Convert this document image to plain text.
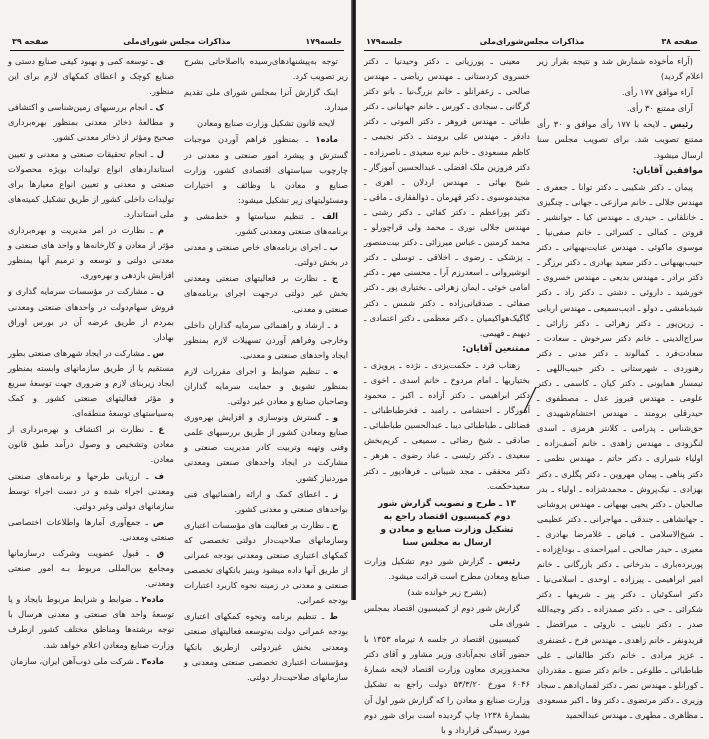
جلسه۱۷۹
مذاکرات مجلس شورای‌ملی
صفحه ۳۹

توجه به‌پیشنهادهای‌رسیده با‌اصلاحاتی ‌بشرح زیر تصویب کرد.

اینک گزارش آنرا بمجلس شورای ملی تقدیم میدارد.

لایحه قانون تشکیل وزارت صنایع ومعادن

ماده۱ ـ بمنظور فراهم آوردن موجبات گسترش و پیشرد امور صنعتی و معدنی در چارچوب سیاستهای اقتصادی کشور، وزارت صنایع و معادن با وظائف و اختیارات ومسئولیتهای زیر تشکیل میشود:

الف ـ تنظیم سیاستها و خط‌مشی و برنامه‌های صنعتی ومعدنی کشور.

ب ـ اجرای برنامه‌های خاص صنعتی و معدنی در بخش دولتی.

ج ـ نظارت بر فعالیتهای صنعتی ومعدنی بخش غیر دولتی درجهت اجرای برنامه‌های صنعتی و معدنی.

د ـ ارشاد و راهنمائی سرمایه گذاران داخلی وخارجی وفراهم آوردن تسهیلات لازم بمنظور ایجاد واحدهای صنعتی و معدنی.

ه ـ تنظیم ضوابط و اجرای مقررات لازم بمنظور تشویق و حمایت سرمایه گذاران وصاحبان صنایع و معادن غیر دولتی.

و ـ گسترش ونوسازی و افزایش بهره‌وری صنایع ومعادن کشور از طریق بررسیهای علمی وفنی وتهیه وتربیت کادر مدیریت صنعتی و مشارکت در ایجاد واحدهای صنعتی ومعدنی موردنیاز کشور.

ز ـ اعطای کمک و ارائه راهنمائیهای فنی بواحدهای صنعتی و معدنی کشور.

ح ـ نظارت بر فعالیت های مؤسسات اعتباری وسازمانهای صلاحیت‌دار دولتی تخصصی که کمکهای اعتباری صنعتی ومعدنی بودجه عمرانی از طریق آنها داده میشود وبنیز بانکهای تخصصی صنعتی و معدنی در زمینه نحوه کاربرد اعتبارات بودجه عمرانی.

ط ـ تنظیم برنامه ونحوه کمکهای اعتباری بودجه عمرانی دولت به‌توسعه فعالیتهای صنعتی ومعدنی بخش غیردولتی ازطریق بانکها ومؤسسات اعتباری تخصصی صنعتی ومعدنی و سازمانهای صلاحیت‌دار دولتی.

ی ـ توسعه کمی و بهبود کیفی صنایع دستی و صنایع کوچک و اعطای کمکهای لازم برای این منظور.

ک ـ انجام بررسیهای زمین‌شناسی و اکتشافی و مطالعهٔ ذخائر معدنی بمنظور بهره‌برداری صحیح ومؤثر از ذخائر معدنی کشور.

ل ـ انجام تحقیقات صنعتی و معدنی و تعیین استانداردهای انواع تولیدات بویژه محصولات صنعتی و معدنی و تعیین انواع معیارها برای تولیدات داخلی کشور از طریق تشکیل کمیته‌های ملی استاندارد.

م ـ نظارت در امر مدیریت و بهره‌برداری مؤثر از معادن و کارخانه‌ها و واحد های صنعتی و معدنی دولتی و توسعه و ترمیم آنها بمنظور افزایش بازدهی و بهره‌وری.

ن ـ مشارکت در مؤسسات سرمایه گذاری و فروش سهام‌دولت در واحدهای صنعتی ومعدنی بمردم از طریق عرضه آن در بورس اوراق بهادار.

س ـ مشارکت در ایجاد شهرهای صنعتی بطور مستقیم یا از طریق سازمانهای وابسته بمنظور ایجاد زیربنای لازم و ضروری جهت توسعهٔ سریع و مؤثر فعالیتهای صنعتی کشور و کمک به‌سیاستهای توسعهٔ منطقه‌ای.

ع ـ نظارت بر اکتشاف و بهره‌برداری از معادن وتشخیص و وصول درآمد طبق قانون معادن.

ف ـ ارزیابی طرحها و برنامه‌های صنعتی ومعدنی اجراء شده و در دست اجراء توسط سازمانهای دولتی وغیر دولتی.

ص ـ جمع‌آوری آمارها واطلاعات اختصاصی صنعتی ومعدنی.

ق ـ قبول عضویت وشرکت درسازمانها ومجامع بین‌المللی مربوط بـه امور صنعتی ومعدنی.

ماده۲ ـ ضوابط و شرایط مربوط بایجاد و یا توسعهٔ واحد های صنعتی و معدنی هرسال با توجه برشته‌ها ومناطق مختلف کشور ازطرف وزارت صنایع ومعادن اعلام خواهد شد.

ماده۳ ـ شرکت ملی ذوب‌آهن ایران، سازمان

صفحه ۳۸
مذاکرات مجلس‌شورای‌ملی
جلسه۱۷۹

(آراء مأخوذه شمارش شد و نتیجه بقرار زیر اعلام گردید)

آراء موافق ۱۷۷ رأی.

آرای ممتنع ۳۰ رأی.

رئیس ـ لایحه با ۱۷۷ رأی موافق و ۳۰ رأی ممتنع تصویب شد. برای تصویب مجلس سنا ارسال میشود.

موافقین آقایان:

پیمان ـ دکتر شکیبی ـ دکتر توانا ـ جعفری ـ مهندس جلالی ـ خانم مرازعی ـ جهانی ـ چنگیزی ـ خانلقانی ـ حیدری ـ مهندس کیا ـ جوانشیر ـ فروتن ـ کمالی ـ کسرائی ـ خانم صفی‌نیا ـ موسوی ماکوئی ـ مهندس عنایت‌بهبهانی ـ دکتر حبیب‌بهبهانی ـ دکتر سعید بهادری ـ دکتر برزگر ـ دکتر برادر ـ مهندس بدیعی ـ مهندس خسروی ـ خورشید ـ داروئی ـ دشتی ـ دکتر راد ـ دکتر شیدبامشی ـ دولو ـ ادیب‌سمیعی ـ مهندس اربابی ـ زرین‌پور ـ دکتر زهرائی ـ دکتر زازائی ـ سراج‌الدینی ـ خانم دکتر سرخوش ـ سعادت ـ سعادت‌فرد ـ کمالوند ـ دکتر مدنی ـ دکتر رهنوردی ـ شهرستانی ـ دکتر حبیب‌اللهی ـ تیمسار همایونی ـ دکتر کیان ـ کاسمی ـ دکتر علومی ـ مهندس فیروز عدل ـ مصطفوی ـ حیدرقلی برومند ـ مهندس احتشام‌شهیدی ـ حق‌شناس ـ پدرامی ـ کلانتر هرمزی ـ اسدی لنگرودی ـ مهندس زاهدی ـ خانم آصف‌زاده ـ اولیاء شیرازی ـ دکتر حاتم ـ مهندس نظمی ـ دکتر پناهی ـ پیمان مهروین ـ دکتر پگلری ـ دکتر بهزادی ـ نیک‌پروش ـ محمدشزاده ـ اولیاء ـ بدر صالحیان ـ دکتر یحیی بهبهانی ـ مهندس پروشانی ـ جهانشاهی ـ جندقی ـ مهاجرانی ـ دکتر عظیمی ـ شیخ‌الاسلامی ـ فیاض ـ غلامرضا بهادری ـ معیری ـ حیدر صالحی ـ امیراحمدی ـ بوداغ‌زاده ـ پوربرده‌باری ـ بدرخانی ـ دکتر بازرگانی ـ خانم امیر ابراهیمی ـ پیرزاده ـ اوحدی ـ اسلامی‌نیا ـ دکتر اسکوئیان ـ دکتر پیر ـ شریفها ـ دکتر شکرائی ـ حی ـ دکتر صمدزاده ـ دکتر وجیه‌الله صدر ـ دکتر نابینی ـ ناروئی ـ میرافضل ـ فریدونفر ـ خانم زاهدی ـ مهندس فرخ ـ غضنفری ـ عزیز مرادی ـ خانم دکتر طالقانی ـ علی طباطبائی ـ طلوعی ـ خانم دکتر صنیع ـ مقدرذان ـ کورانلو ـ مهندس نصر ـ دکتر لقمان‌ادهم ـ سجاد وزیری ـ دکتر مرتضوی ـ دکتر وفا ـ اکبر مسعودی ـ مظاهری ـ مطهری ـ مهندس عبدالحمید

معینی ـ پورزیانی ـ دکتر وحیدنیا ـ دکتر خسروی کردستانی ـ مهندس ریاضی ـ مهندس صالحی ـ زعفرانلو ـ خانم بزرگ‌نیا ـ بانو دکتر گرگانی ـ سجادی ـ کورس ـ خانم جهانبانی ـ دکتر طبائی ـ مهندس فروهر ـ دکتر الموتی ـ دکتر دادفر ـ مهندس علی برومند ـ دکتر نجیمی ـ کاظم مسعودی ـ خانم نیره سعیدی ـ ناصرزاده ـ دکتر فروزین ملک افضلی ـ عبدالحسین آموزگار ـ شیخ بهائی ـ مهندس اردلان ـ اهری ـ مجیدموسوی ـ دکتر قهرمان ـ ذوالفقاری ـ ماقی ـ دکتر پوراعظم ـ دکتر کفائی ـ دکتر رشتی ـ مهندس جلالی نوری ـ محمد ولی قراچورلو ـ محمد کرمنین ـ عباس میرزائی ـ دکتر بیت‌منصور ـ پزشکی ـ رضوی ـ اخلاقی ـ توسلی ـ دکتر انوشیروانی ـ اسعدرزم آرا ـ محسنی مهر ـ دکتر امامی خوئی ـ ایمان زهرائی ـ بختیاری پور ـ دکتر صفائی ـ صدقیانی‌زاده ـ دکتر شمس ـ دکتر گاگیک‌هواکیمیان ـ دکتر معظمی ـ دکتر اعتمادی ـ دیهیم ـ فهیمی.

ممتنعین آقایان:

زهتاب فرد ـ حکمت‌یزدی ـ نژده ـ پرویزی ـ بختیاریها ـ امام مردوخ ـ خانم اسدی ـ اخوی ـ دکتر ابراهیمی ـ دکتر آزاده ـ اکبر ـ محمود آموزگار ـ احتشامی ـ رامبد ـ فخرطباطبائی ـ فضائلی ـ طباطبائی دیبا ـ عبدالحسین طباطبائی ـ صادقی ـ شیخ رضائی ـ سمیعی ـ کریم‌بخش سعیدی ـ دکتر رئیسی ـ عباد رضوی ـ هرهر ـ دکتر محققی ـ مجد شیبانی ـ فرهادپور ـ دکتر سعیدحکمت.

۱۳ ـ طرح و تصویب گزارش شور دوم کمیسیون اقتصاد راجع به تشکیل وزارت صنایع و معادن و ارسال به مجلس سنا

رئیس ـ گزارش شور دوم تشکیل وزارت صنایع ومعادن مطرح است قرائت میشود.

(بشرح زیر خوانده شد)

گزارش شور دوم از کمیسیون اقتصاد بمجلس شورای ملی

کمیسیون اقتصاد در جلسه ۸ تیرماه ۱۳۵۳ با حضور آقای نجم‌آبادی وزیر مشاور و آقای دکتر محمدوزیری معاون وزارت اقتصاد لایحه شمارهٔ ۶۰۴۶ مورخ ۵۳/۳/۲۰ دولت راجع به تشکیل وزارت صنایع و معادن را که گزارش شور اول آن بشمارهٔ ۱۲۳۸ چاپ گردیده است برای شور دوم مورد رسیدگی قرارداد و با
